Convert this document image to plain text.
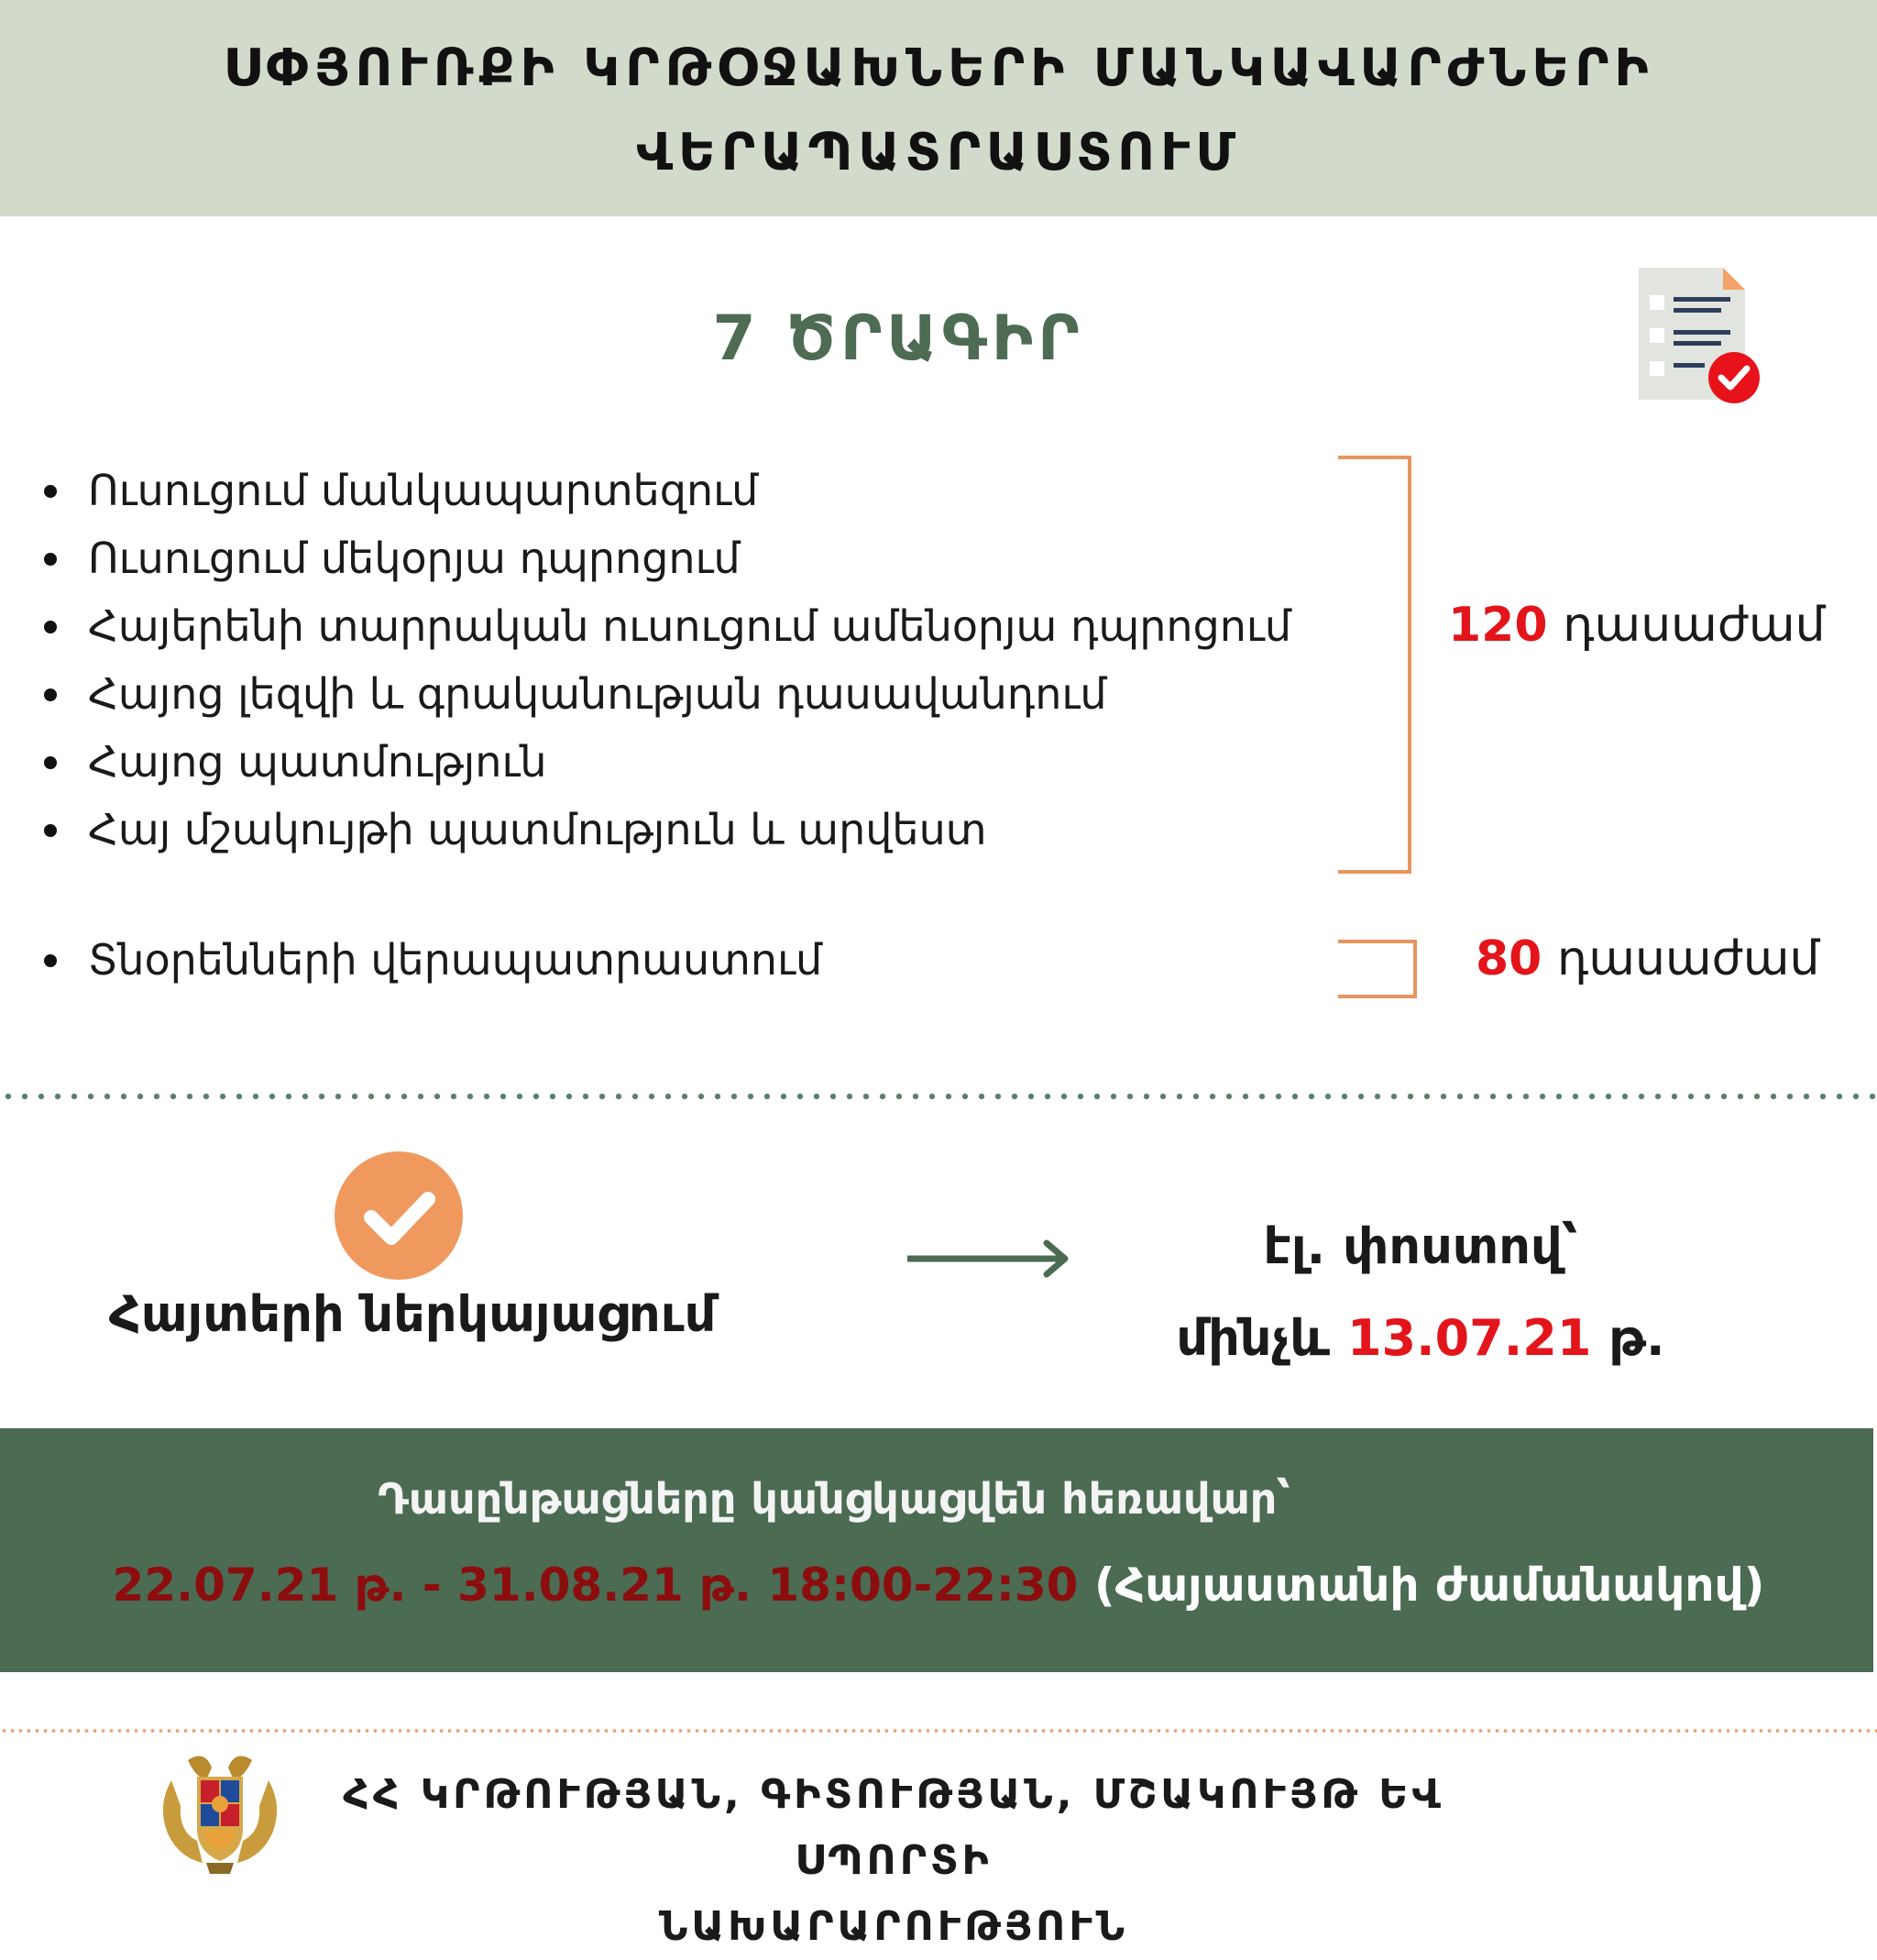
ՍՓՅՈՒՌՔԻ ԿՐԹՕՋԱԽՆԵՐԻ ՄԱՆԿԱՎԱՐԺՆԵՐԻ
ՎԵՐԱՊԱՏՐԱՍՏՈՒՄ
7 ԾՐԱԳԻՐ
Ուսուցում մանկապարտեզում
Ուսուցում մեկօրյա դպրոցում
Հայերենի տարրական ուսուցում ամենօրյա դպրոցում
Հայոց լեզվի և գրականության դասավանդում
Հայոց պատմություն
Հայ մշակույթի պատմություն և արվեստ
120 դասաժամ
Տնօրենների վերապատրաստում	80 դասաժամ
Հայտերի ներկայացում
էլ. փոստով՝
մինչև 13.07.21 թ.
Դասընթացները կանցկացվեն հեռավար՝
22.07.21 թ. - 31.08.21 թ. 18:00-22:30 (Հայաստանի ժամանակով)
ՀՀ ԿՐԹՈՒԹՅԱՆ, ԳԻՏՈՒԹՅԱՆ, ՄՇԱԿՈՒՅԹ ԵՎ ՍՊՈՐՏԻ
ՆԱԽԱՐԱՐՈՒԹՅՈՒՆ
